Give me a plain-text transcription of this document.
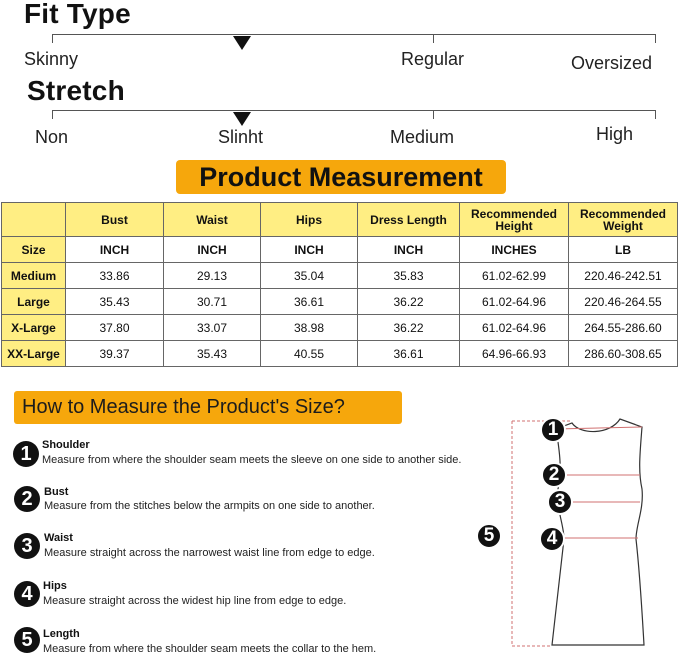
Fit Type
Skinny	Regular	Oversized
Stretch
Non	Slinht	Medium	High
Product Measurement
	Bust	Waist	Hips	Dress Length	Recommended Height	Recommended Weight
Size	INCH	INCH	INCH	INCH	INCHES	LB
Medium	33.86	29.13	35.04	35.83	61.02-62.99	220.46-242.51
Large	35.43	30.71	36.61	36.22	61.02-64.96	220.46-264.55
X-Large	37.80	33.07	38.98	36.22	61.02-64.96	264.55-286.60
XX-Large	39.37	35.43	40.55	36.61	64.96-66.93	286.60-308.65
How to Measure the Product's Size?
1 Shoulder
Measure from where the shoulder seam meets the sleeve on one side to another side.
2	Bust
Measure from the stitches below the armpits on one side to another.
3	Waist
Measure straight across the narrowest waist line from edge to edge.
4 Hips
Measure straight across the widest hip line from edge to edge.
5 Length
Measure from where the shoulder seam meets the collar to the hem.
1
2
3
4
5
